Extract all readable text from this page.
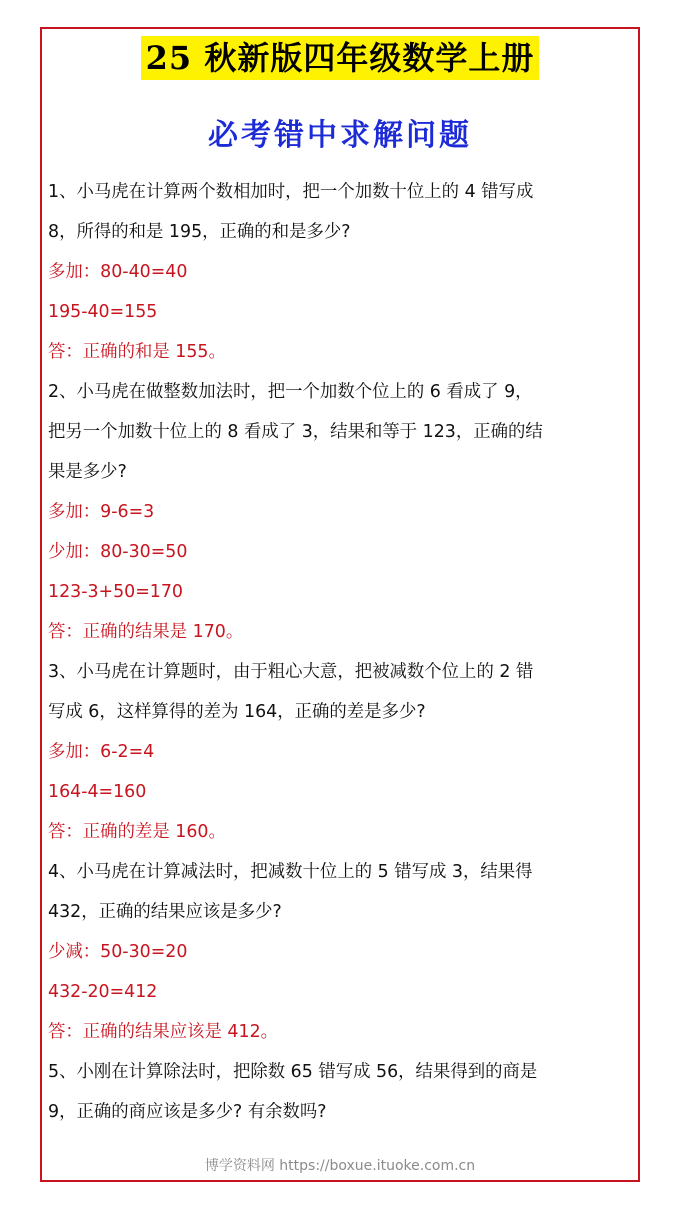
25 秋新版四年级数学上册
必考错中求解问题
1、小马虎在计算两个数相加时，把一个加数十位上的 4 错写成
8，所得的和是 195，正确的和是多少?
多加：80-40=40
195-40=155
答：正确的和是 155。
2、小马虎在做整数加法时，把一个加数个位上的 6 看成了 9，
把另一个加数十位上的 8 看成了 3，结果和等于 123，正确的结
果是多少?
多加：9-6=3
少加：80-30=50
123-3+50=170
答：正确的结果是 170。
3、小马虎在计算题时，由于粗心大意，把被减数个位上的 2 错
写成 6，这样算得的差为 164，正确的差是多少?
多加：6-2=4
164-4=160
答：正确的差是 160。
4、小马虎在计算减法时，把减数十位上的 5 错写成 3，结果得
432，正确的结果应该是多少?
少减：50-30=20
432-20=412
答：正确的结果应该是 412。
5、小刚在计算除法时，把除数 65 错写成 56，结果得到的商是
9，正确的商应该是多少? 有余数吗?
博学资料网 https://boxue.ituoke.com.cn
